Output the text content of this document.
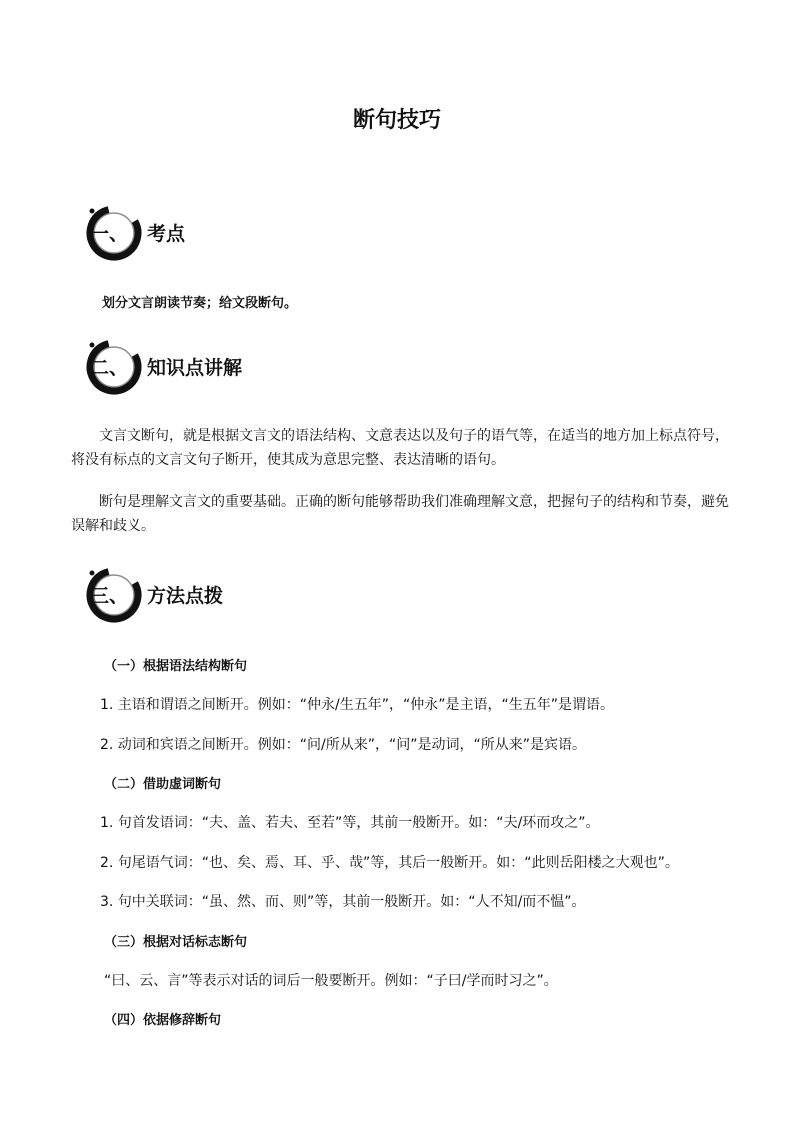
断句技巧
一、 考点
划分文言朗读节奏；给文段断句。
二、 知识点讲解

文言文断句，就是根据文言文的语法结构、文意表达以及句子的语气等，在适当的地方加上标点符号，将没有标点的文言文句子断开，使其成为意思完整、表达清晰的语句。

断句是理解文言文的重要基础。正确的断句能够帮助我们准确理解文意，把握句子的结构和节奏，避免误解和歧义。

三、 方法点拨
（一）根据语法结构断句
1. 主语和谓语之间断开。例如：“仲永/生五年”，“仲永”是主语，“生五年”是谓语。
2. 动词和宾语之间断开。例如：“问/所从来”，“问”是动词，“所从来”是宾语。
（二）借助虚词断句
1. 句首发语词：“夫、盖、若夫、至若”等，其前一般断开。如：“夫/环而攻之”。
2. 句尾语气词：“也、矣、焉、耳、乎、哉”等，其后一般断开。如：“此则岳阳楼之大观也”。
3. 句中关联词：“虽、然、而、则”等，其前一般断开。如：“人不知/而不愠”。
（三）根据对话标志断句
“曰、云、言”等表示对话的词后一般要断开。例如：“子曰/学而时习之”。
（四）依据修辞断句
